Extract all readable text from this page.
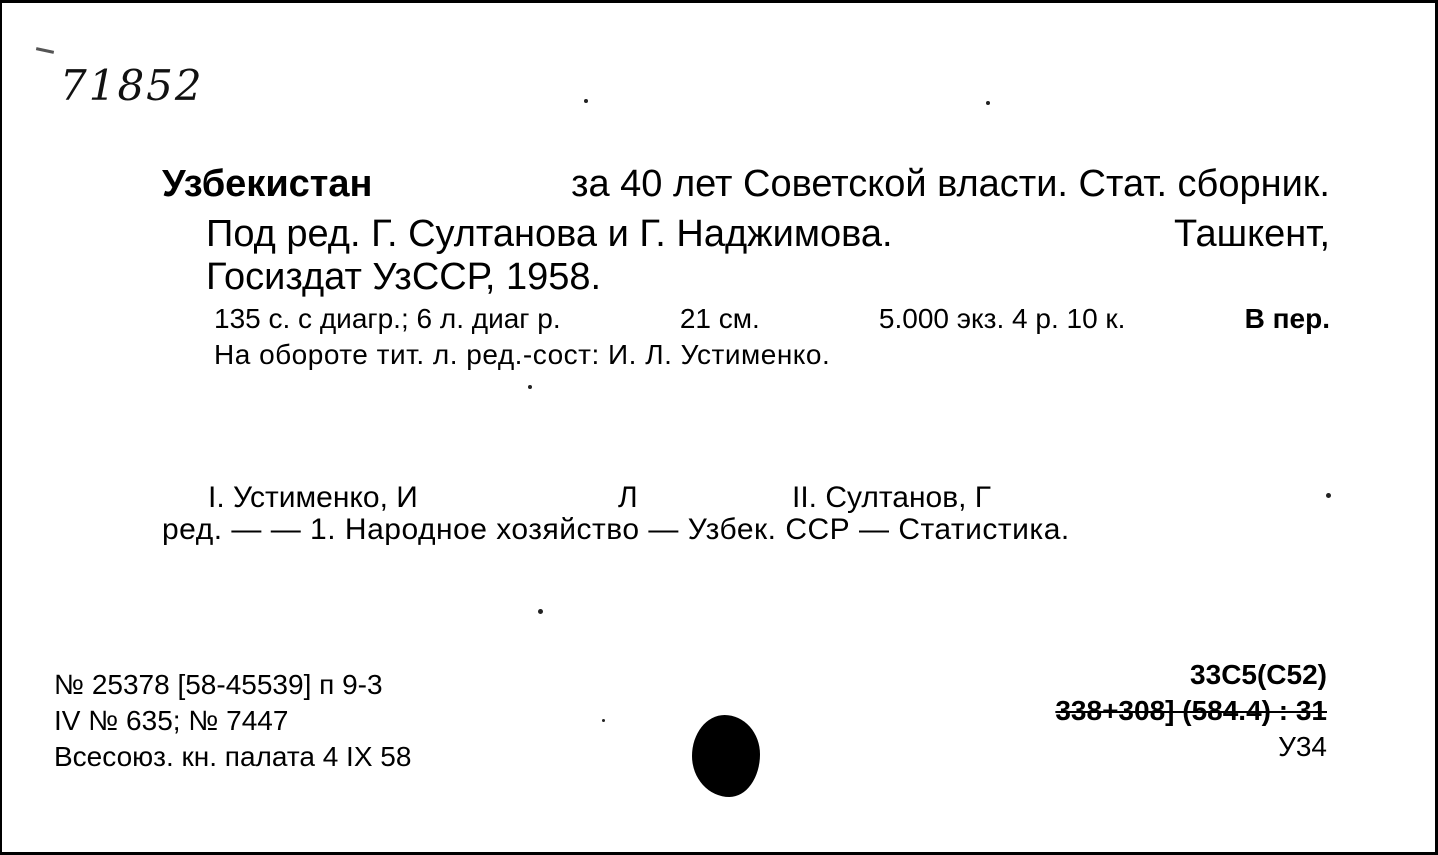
71852
Узбекистан	за 40 лет Советской власти. Стат. сборник.
Под ред. Г. Султанова и Г. Наджимова.	Ташкент,
Госиздат УзССР, 1958.
135 с. с диагр.; 6 л. диаг р.	21 см.	5.000 экз. 4 р. 10 к.	В пер.
На обороте тит. л. ред.-сост: И. Л. Устименко.
I. Устименко, И	Л	II. Султанов, Г
ред. — — 1. Народное хозяйство — Узбек. ССР — Статистика.
№ 25378 [58-45539] п 9-3
IV № 635; № 7447
Всесоюз. кн. палата 4 IX 58
33С5(С52)
338+308] (584.4) : 31
У34
